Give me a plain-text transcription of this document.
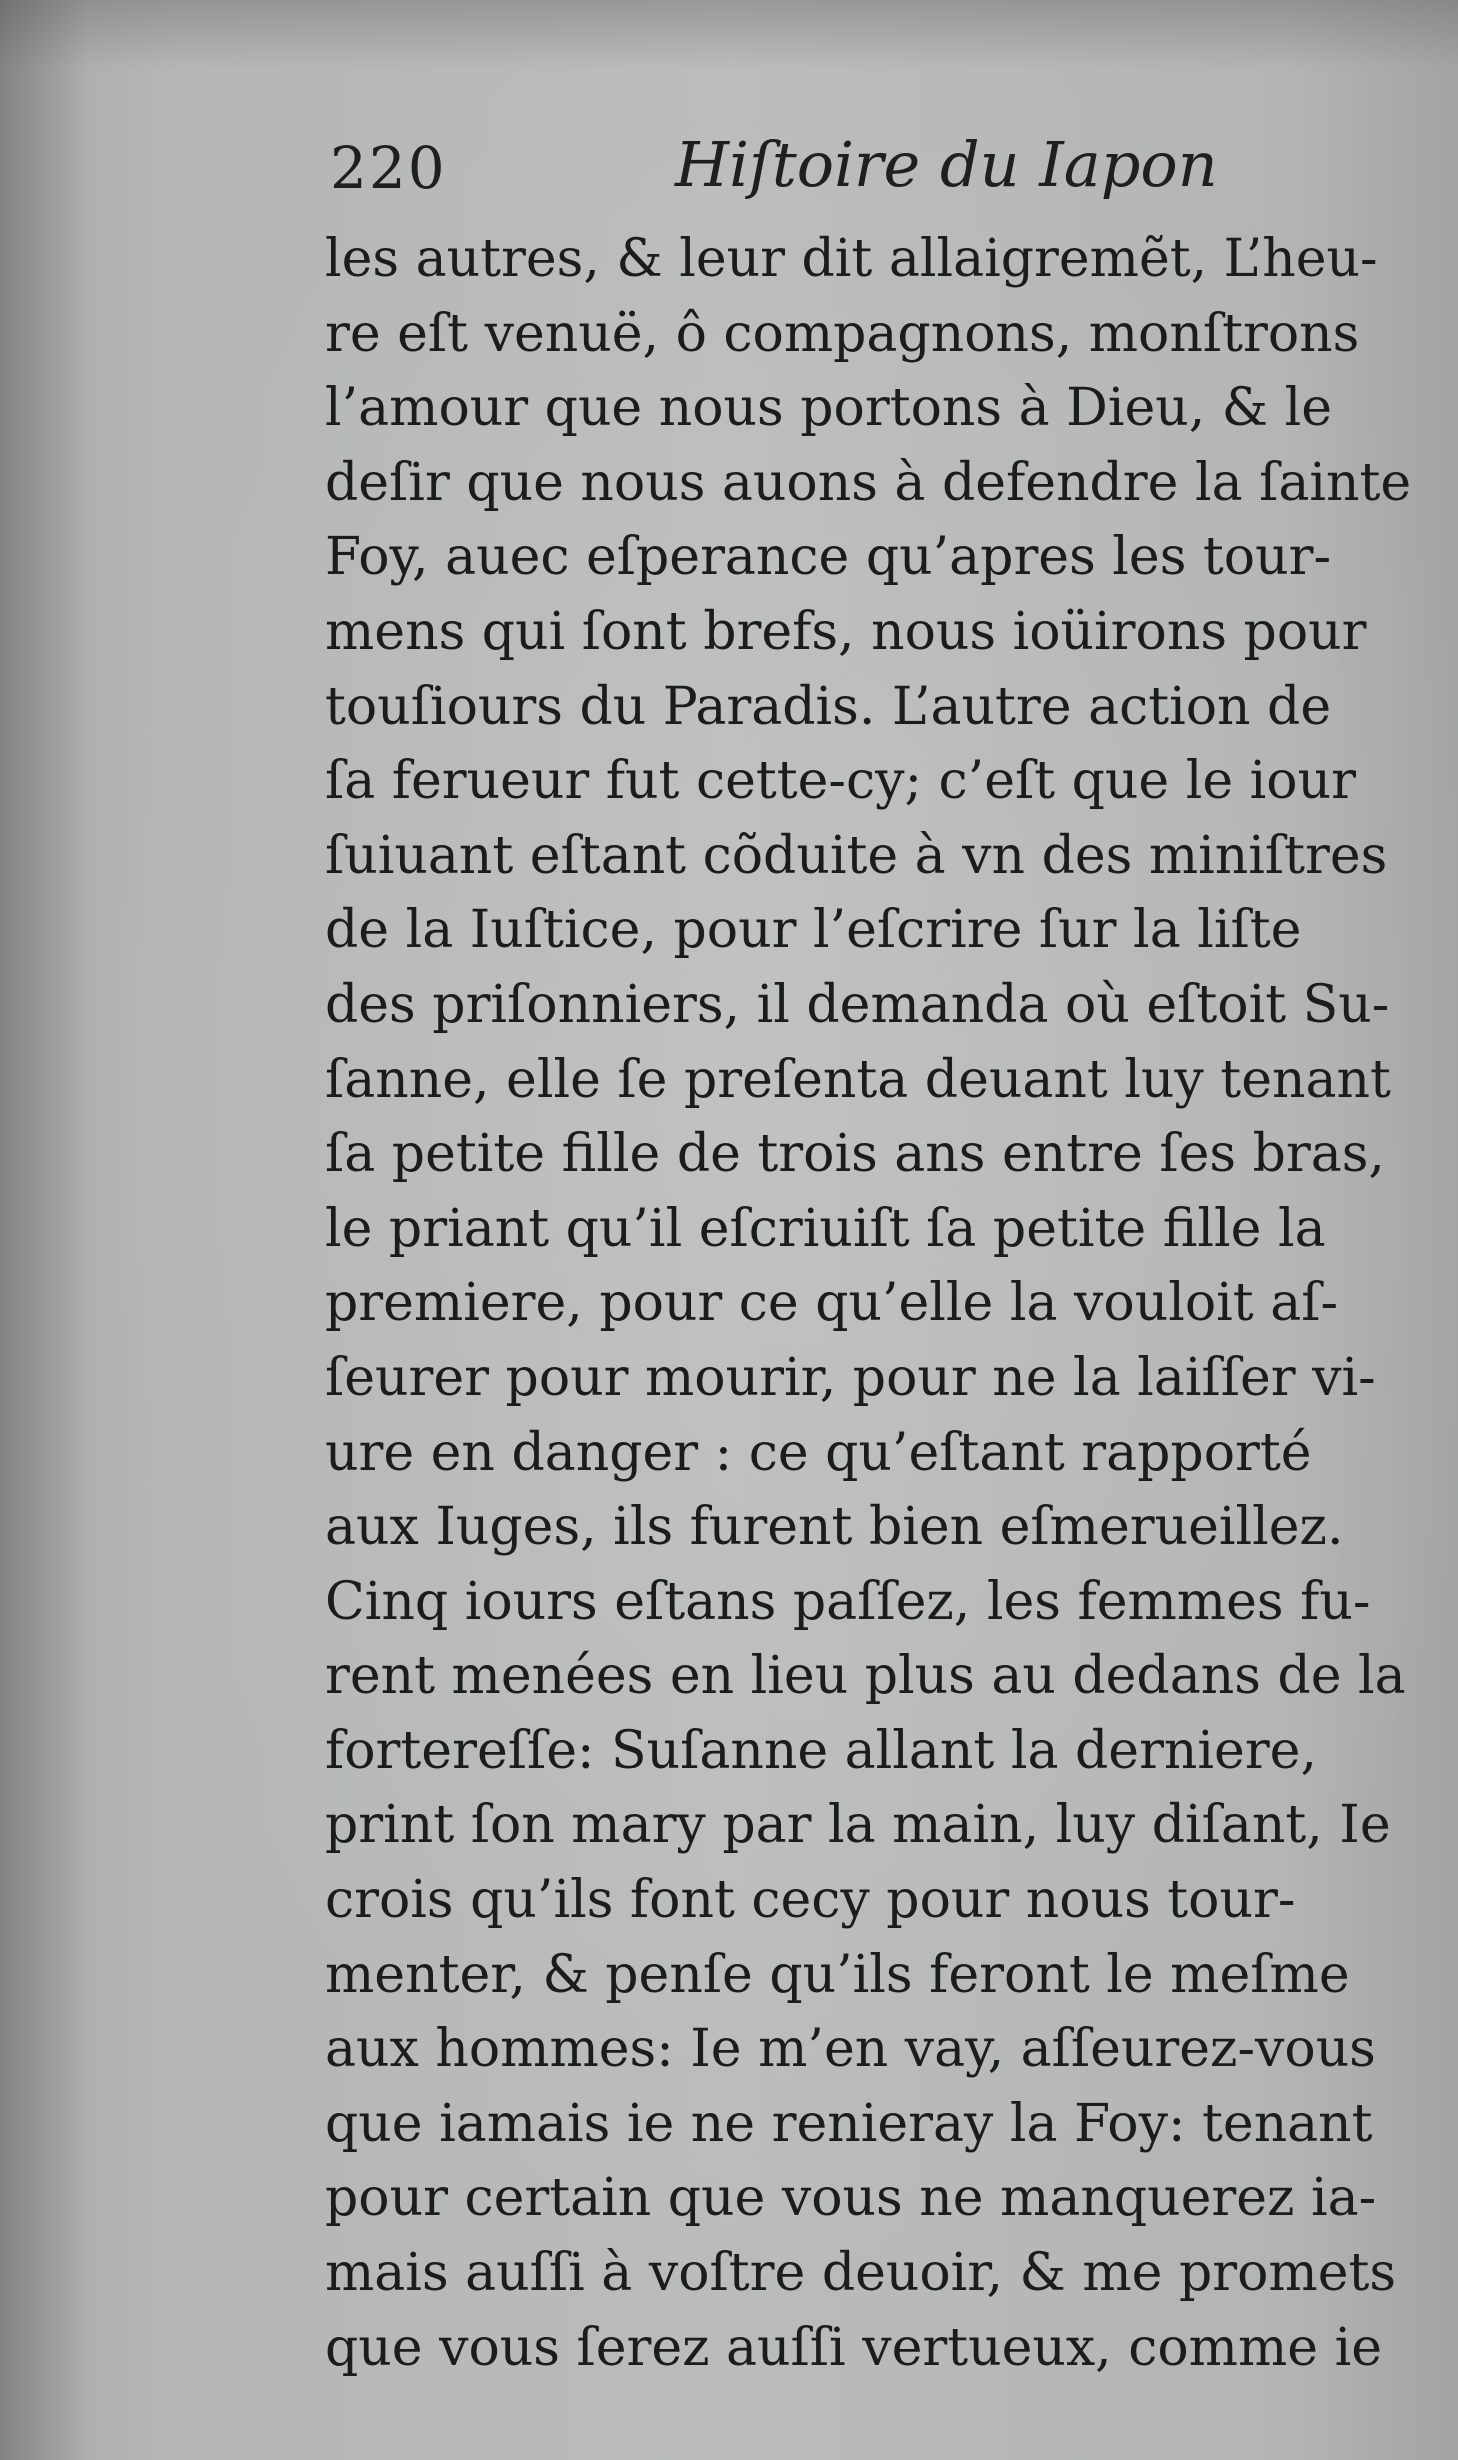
220	Hiſtoire du Iapon
les autres, & leur dit allaigremẽt, L’heu-
re eſt venuë, ô compagnons, monſtrons
l’amour que nous portons à Dieu, & le
deſir que nous auons à defendre la ſainte
Foy, auec eſperance qu’apres les tour-
mens qui ſont brefs, nous ioüirons pour
touſiours du Paradis. L’autre action de
ſa ferueur fut cette-cy; c’eſt que le iour
ſuiuant eſtant cõduite à vn des miniſtres
de la Iuſtice, pour l’eſcrire ſur la liſte
des priſonniers, il demanda où eſtoit Su-
ſanne, elle ſe preſenta deuant luy tenant
ſa petite fille de trois ans entre ſes bras,
le priant qu’il eſcriuiſt ſa petite fille la
premiere, pour ce qu’elle la vouloit aſ-
ſeurer pour mourir, pour ne la laiſſer vi-
ure en danger : ce qu’eſtant rapporté
aux Iuges, ils furent bien eſmerueillez.
Cinq iours eſtans paſſez, les femmes fu-
rent menées en lieu plus au dedans de la
fortereſſe: Suſanne allant la derniere,
print ſon mary par la main, luy diſant, Ie
crois qu’ils font cecy pour nous tour-
menter, & penſe qu’ils feront le meſme
aux hommes: Ie m’en vay, aſſeurez-vous
que iamais ie ne renieray la Foy: tenant
pour certain que vous ne manquerez ia-
mais auſſi à voſtre deuoir, & me promets
que vous ſerez auſſi vertueux, comme ie
